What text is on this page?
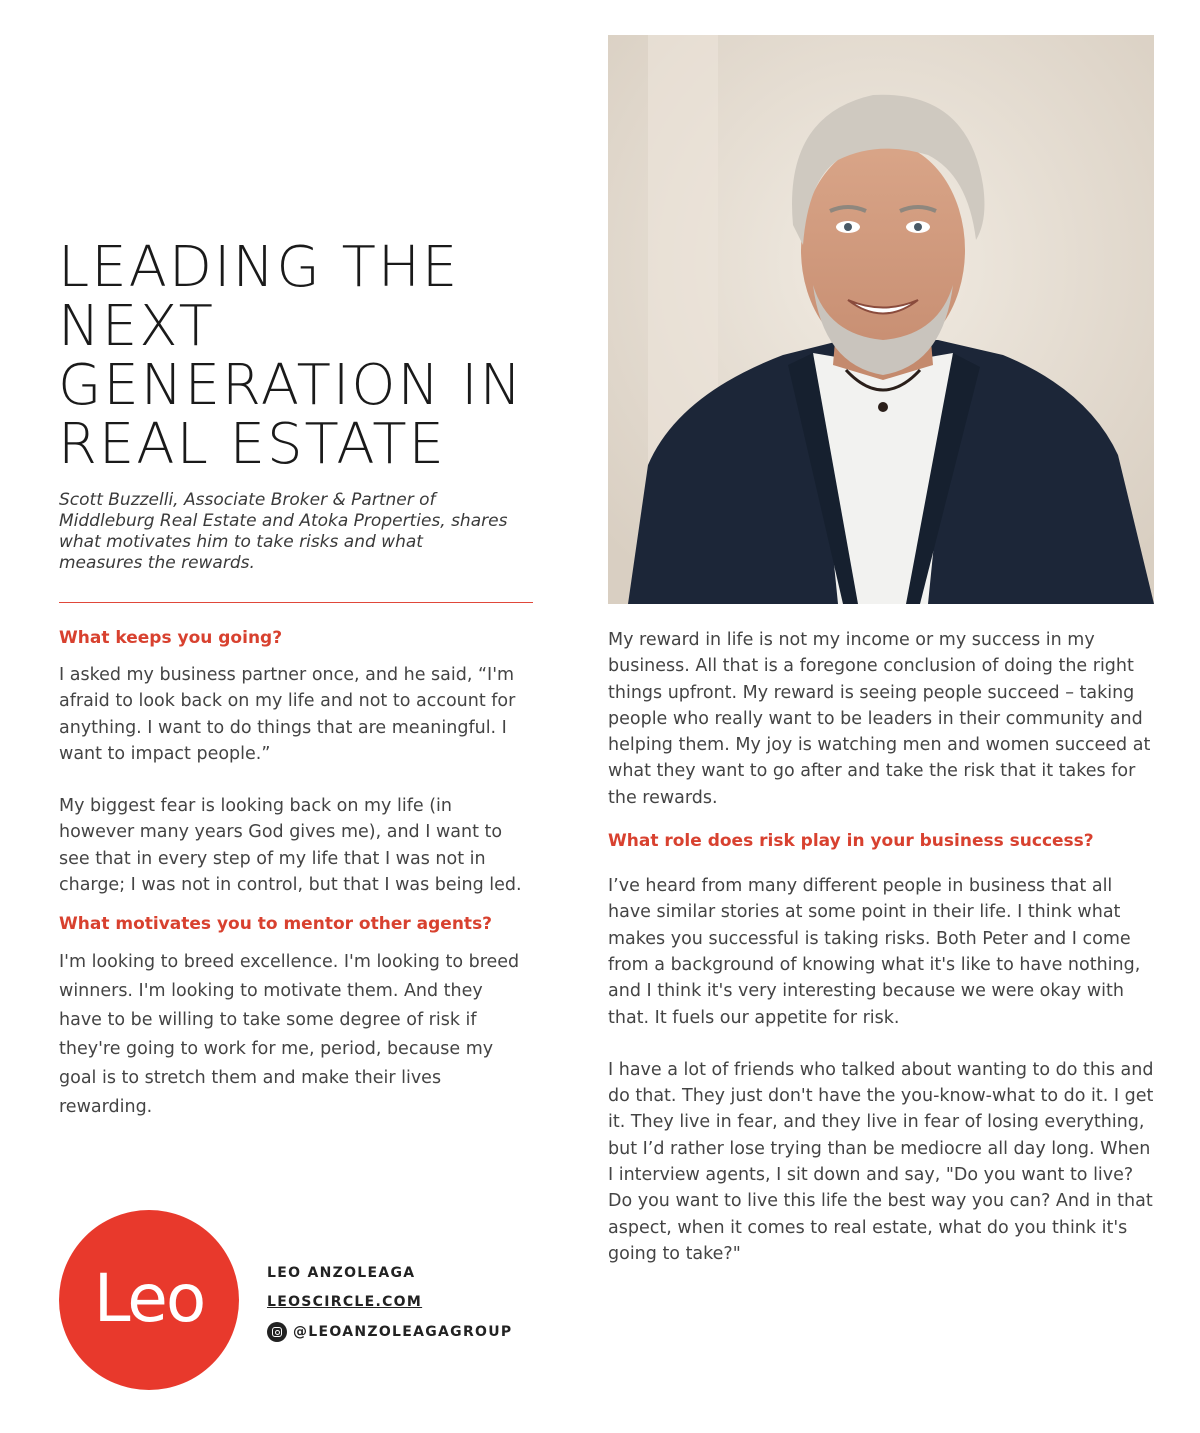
LEADING THE
NEXT
GENERATION IN
REAL ESTATE

Scott Buzzelli, Associate Broker & Partner of Middleburg Real Estate and Atoka Properties, shares what motivates him to take risks and what measures the rewards.

What keeps you going?

I asked my business partner once, and he said, “I'm afraid to look back on my life and not to account for anything. I want to do things that are meaningful. I want to impact people.”

My biggest fear is looking back on my life (in however many years God gives me), and I want to see that in every step of my life that I was not in charge; I was not in control, but that I was being led.

What motivates you to mentor other agents?

I'm looking to breed excellence. I'm looking to breed winners. I'm looking to motivate them. And they have to be willing to take some degree of risk if they're going to work for me, period, because my goal is to stretch them and make their lives rewarding.

My reward in life is not my income or my success in my business. All that is a foregone conclusion of doing the right things upfront. My reward is seeing people succeed – taking people who really want to be leaders in their community and helping them. My joy is watching men and women succeed at what they want to go after and take the risk that it takes for the rewards.

What role does risk play in your business success?

I’ve heard from many different people in business that all have similar stories at some point in their life. I think what makes you successful is taking risks. Both Peter and I come from a background of knowing what it's like to have nothing, and I think it's very interesting because we were okay with that. It fuels our appetite for risk.

I have a lot of friends who talked about wanting to do this and do that. They just don't have the you-know-what to do it. I get it. They live in fear, and they live in fear of losing everything, but I’d rather lose trying than be mediocre all day long. When I interview agents, I sit down and say, "Do you want to live? Do you want to live this life the best way you can? And in that aspect, when it comes to real estate, what do you think it's going to take?"

Leo	LEO ANZOLEAGA
LEOSCIRCLE.COM
@LEOANZOLEAGAGROUP
